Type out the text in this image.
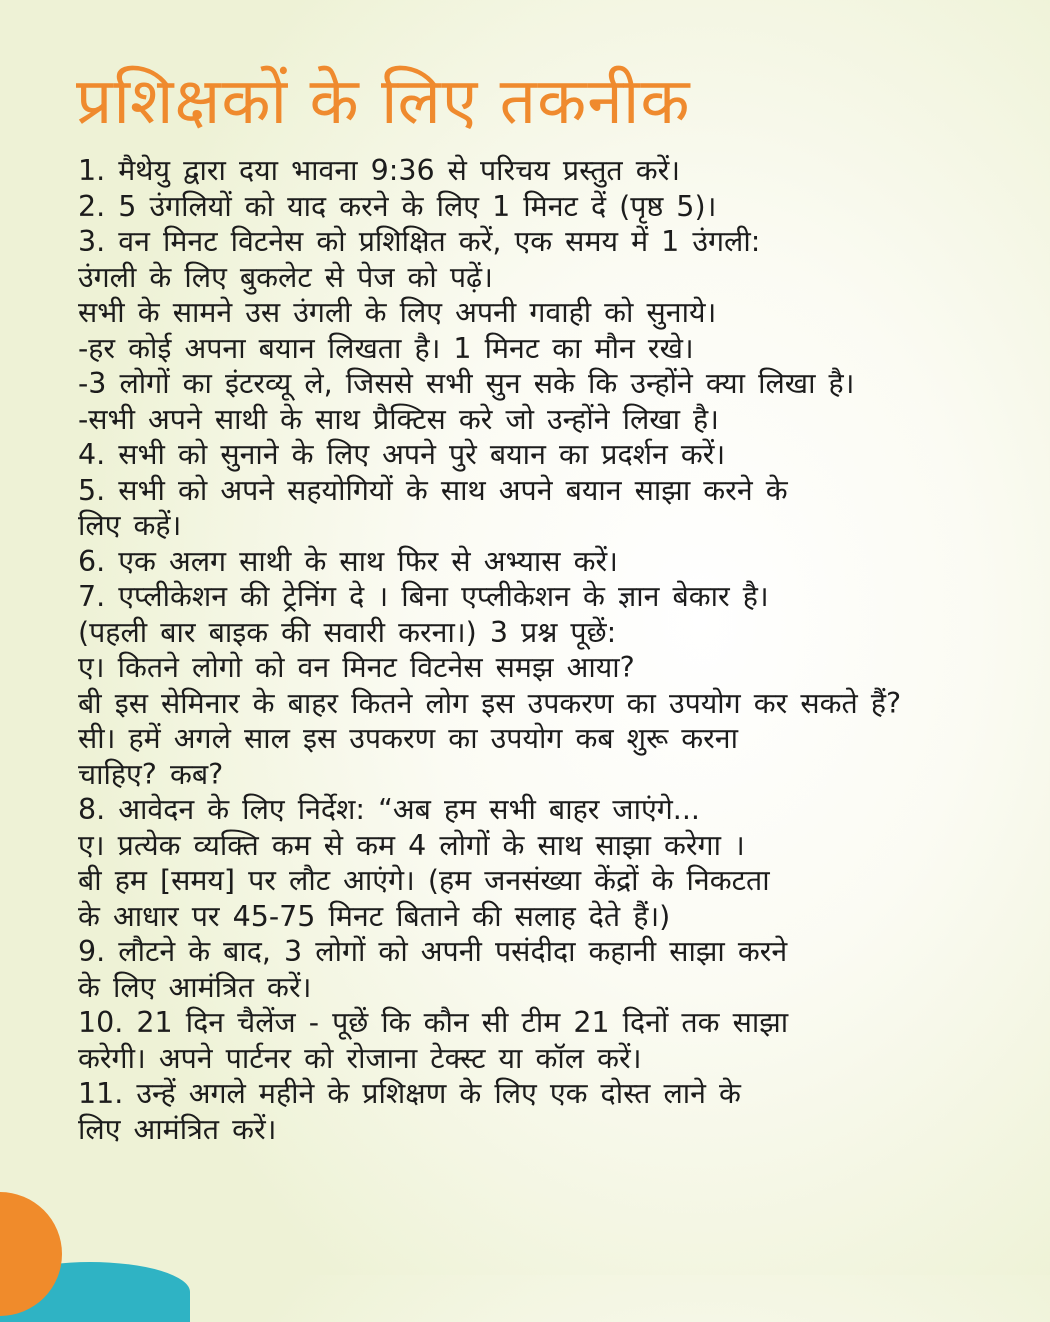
प्रशिक्षकों के लिए तकनीक
1. मैथेयु द्वारा दया भावना 9:36 से परिचय प्रस्तुत करें।
2. 5 उंगलियों को याद करने के लिए 1 मिनट दें (पृष्ठ 5)।
3. वन मिनट विटनेस को प्रशिक्षित करें, एक समय में 1 उंगली:
उंगली के लिए बुकलेट से पेज को पढ़ें।
सभी के सामने उस उंगली के लिए अपनी गवाही को सुनाये।
-हर कोई अपना बयान लिखता है। 1 मिनट का मौन रखे।
-3 लोगों का इंटरव्यू ले, जिससे सभी सुन सके कि उन्होंने क्या लिखा है।
-सभी अपने साथी के साथ प्रैक्टिस करे जो उन्होंने लिखा है।
4. सभी को सुनाने के लिए अपने पुरे बयान का प्रदर्शन करें।
5. सभी को अपने सहयोगियों के साथ अपने बयान साझा करने के
लिए कहें।
6. एक अलग साथी के साथ फिर से अभ्यास करें।
7. एप्लीकेशन की ट्रेनिंग दे । बिना एप्लीकेशन के ज्ञान बेकार है।
(पहली बार बाइक की सवारी करना।) 3 प्रश्न पूछें:
ए। कितने लोगो को वन मिनट विटनेस समझ आया?
बी इस सेमिनार के बाहर कितने लोग इस उपकरण का उपयोग कर सकते हैं?
सी। हमें अगले साल इस उपकरण का उपयोग कब शुरू करना
चाहिए? कब?
8. आवेदन के लिए निर्देश: “अब हम सभी बाहर जाएंगे...
ए। प्रत्येक व्यक्ति कम से कम 4 लोगों के साथ साझा करेगा ।
बी हम [समय] पर लौट आएंगे। (हम जनसंख्या केंद्रों के निकटता
के आधार पर 45-75 मिनट बिताने की सलाह देते हैं।)
9. लौटने के बाद, 3 लोगों को अपनी पसंदीदा कहानी साझा करने
के लिए आमंत्रित करें।
10. 21 दिन चैलेंज - पूछें कि कौन सी टीम 21 दिनों तक साझा
करेगी। अपने पार्टनर को रोजाना टेक्स्ट या कॉल करें।
11. उन्हें अगले महीने के प्रशिक्षण के लिए एक दोस्त लाने के
लिए आमंत्रित करें।
